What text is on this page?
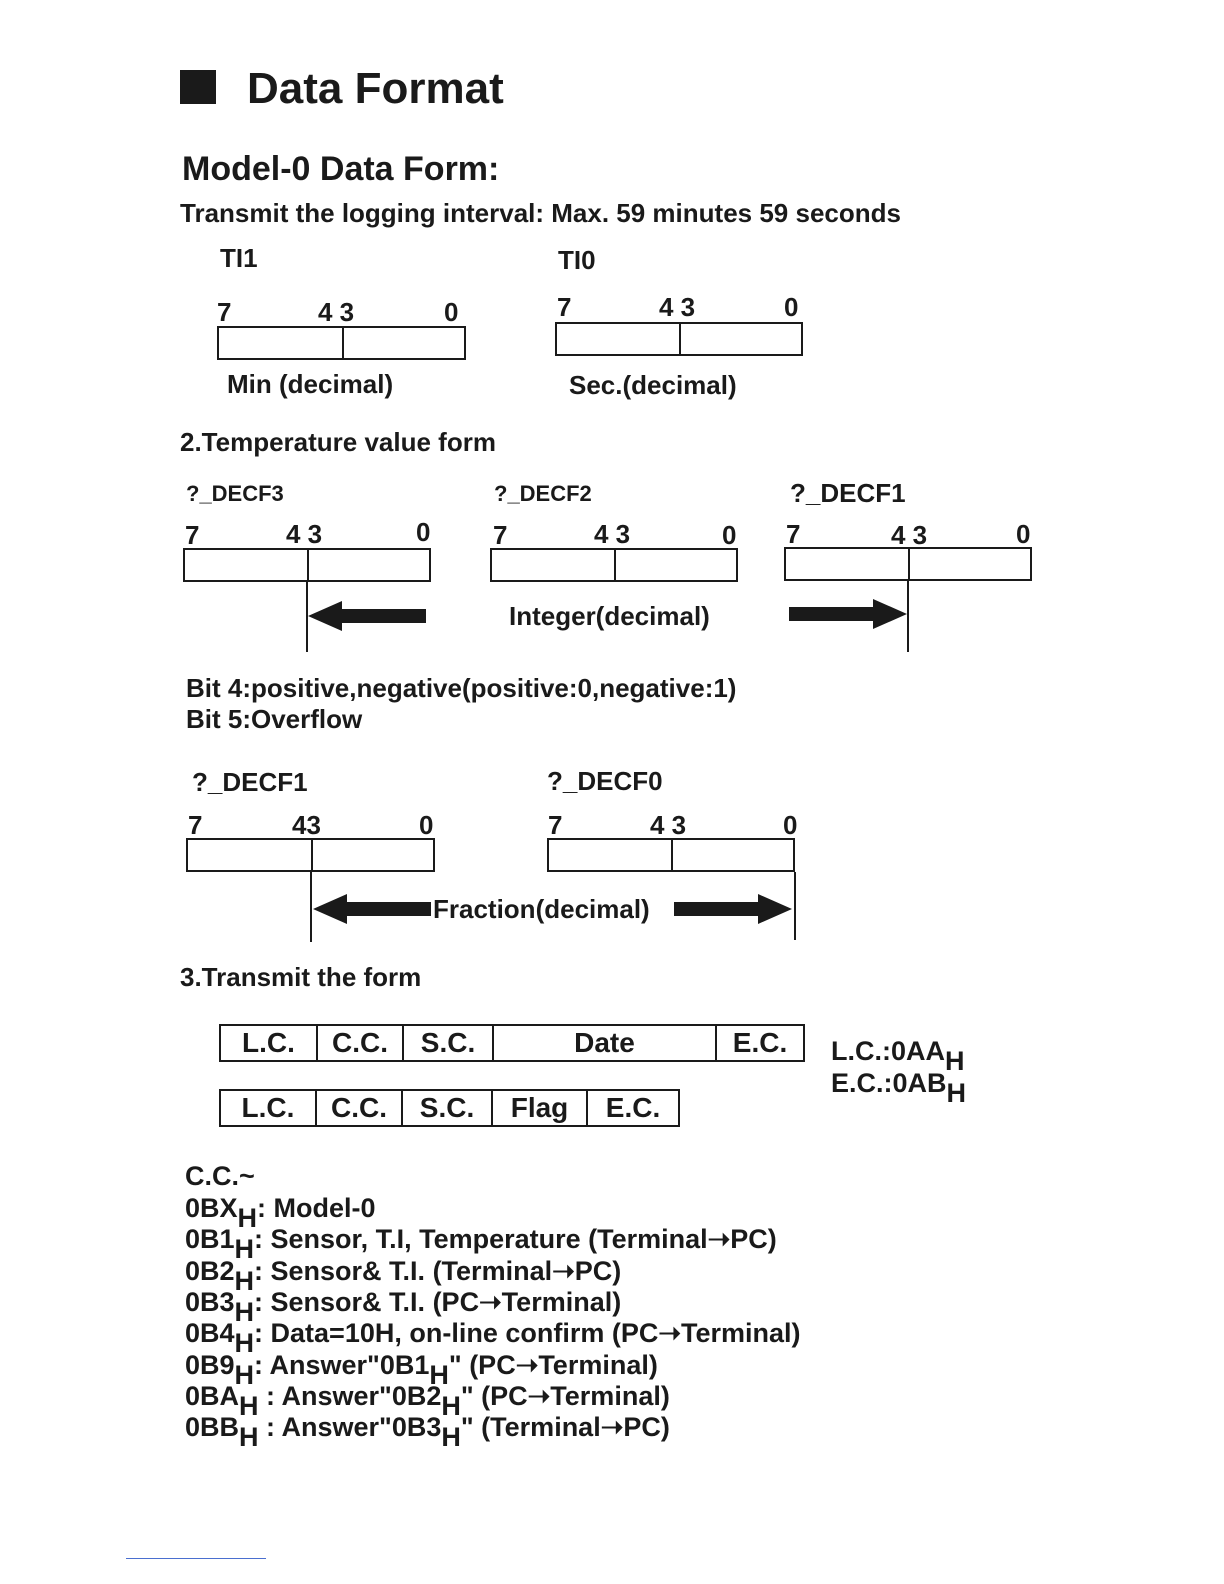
Data Format
Model-0 Data Form:
Transmit the logging interval: Max. 59 minutes 59 seconds
TI1	TI0
7	4 3	0
Min (decimal)
7	4 3	0
Sec.(decimal)
2.Temperature value form
?_DECF3	?_DECF2	?_DECF1
7	4 3	0 7	4 3	0 7	4 3	0
Integer(decimal)
Bit 4:positive,negative(positive:0,negative:1)
Bit 5:Overflow
?_DECF1	?_DECF0
7	43	0	7	4 3	0
Fraction(decimal)
3.Transmit the form
L.C.	C.C.	S.C.	Date	E.C.
L.C.	C.C.	S.C.	Flag	E.C.
$L.C.:0AA_H$
$E.C.:0AB_H$
C.C.~
$0BX_H$: Model-0
$0B1_H$: Sensor, T.I, Temperature (Terminal➝PC)
$0B2_H$: Sensor& T.I. (Terminal➝PC)
$0B3_H$: Sensor& T.I. (PC➝Terminal)
$0B4_H$: Data=10H, on-line confirm (PC➝Terminal)
$0B9_H$: $Answer"0B1_H$" (PC➝Terminal)
$0BA_H$ : $Answer"0B2_H$" (PC➝Terminal)
$0BB_H$ : $Answer"0B3_H$" (Terminal➝PC)
